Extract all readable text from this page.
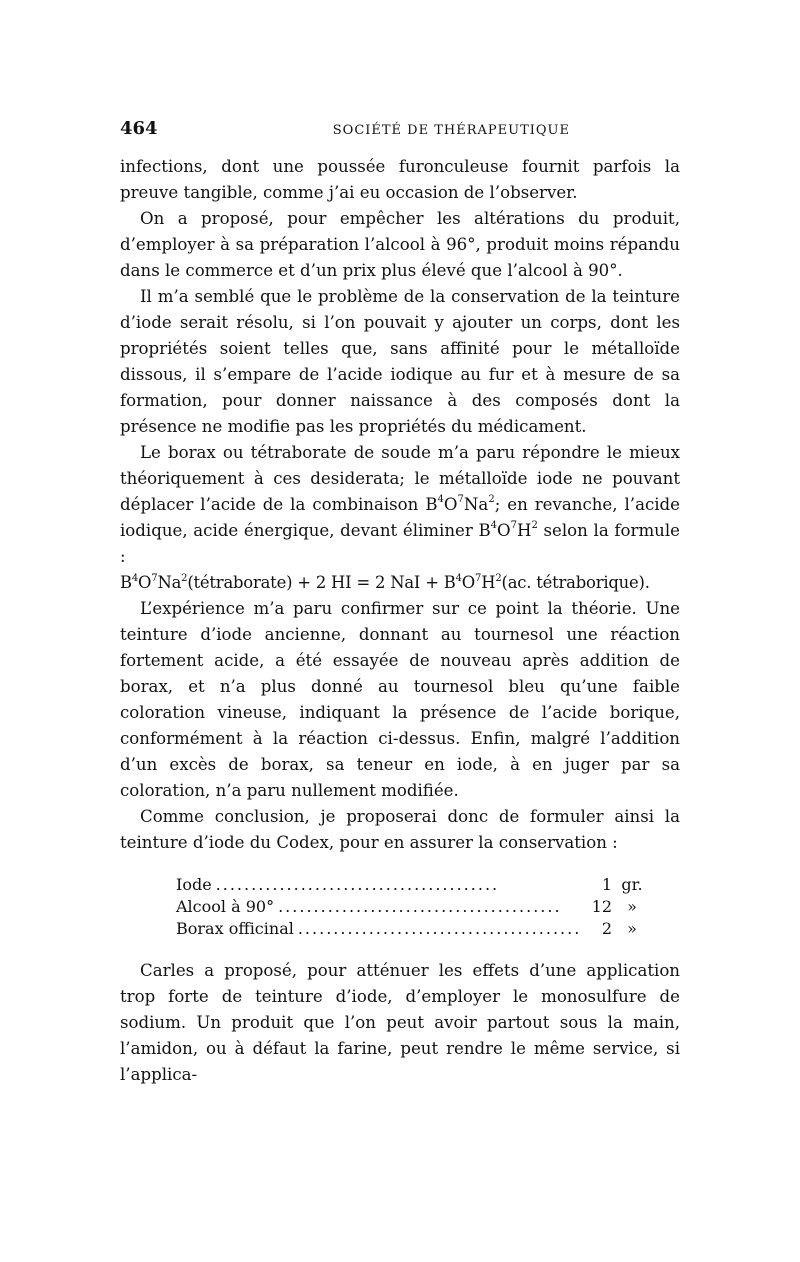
464	SOCIÉTÉ DE THÉRAPEUTIQUE

infections, dont une poussée furonculeuse fournit parfois la preuve tangible, comme j’ai eu occasion de l’observer.

On a proposé, pour empêcher les altérations du produit, d’employer à sa préparation l’alcool à 96°, produit moins répandu dans le commerce et d’un prix plus élevé que l’alcool à 90°.

Il m’a semblé que le problème de la conservation de la teinture d’iode serait résolu, si l’on pouvait y ajouter un corps, dont les propriétés soient telles que, sans affinité pour le métalloïde dissous, il s’empare de l’acide iodique au fur et à mesure de sa formation, pour donner naissance à des composés dont la présence ne modifie pas les propriétés du médicament.

Le borax ou tétraborate de soude m’a paru répondre le mieux théoriquement à ces desiderata; le métalloïde iode ne pouvant déplacer l’acide de la combinaison $B^4O^7Na^2$; en revanche, l’acide iodique, acide énergique, devant éliminer $B^4O^7H^2$ selon la formule :

$B^4O^7Na^2(tétraborate) + 2$ HI = 2 NaI + $B^4O^7H^2(ac$. tétraborique).

L’expérience m’a paru confirmer sur ce point la théorie. Une teinture d’iode ancienne, donnant au tournesol une réaction fortement acide, a été essayée de nouveau après addition de borax, et n’a plus donné au tournesol bleu qu’une faible coloration vineuse, indiquant la présence de l’acide borique, conformément à la réaction ci-dessus. Enfin, malgré l’addition d’un excès de borax, sa teneur en iode, à en juger par sa coloration, n’a paru nullement modifiée.

Comme conclusion, je proposerai donc de formuler ainsi la teinture d’iode du Codex, pour en assurer la conservation :

Iode ........................................	1 gr.
Alcool à 90° ........................................	12 »
Borax officinal ........................................	2 »

Carles a proposé, pour atténuer les effets d’une application trop forte de teinture d’iode, d’employer le monosulfure de sodium. Un produit que l’on peut avoir partout sous la main, l’amidon, ou à défaut la farine, peut rendre le même service, si l’applica-
